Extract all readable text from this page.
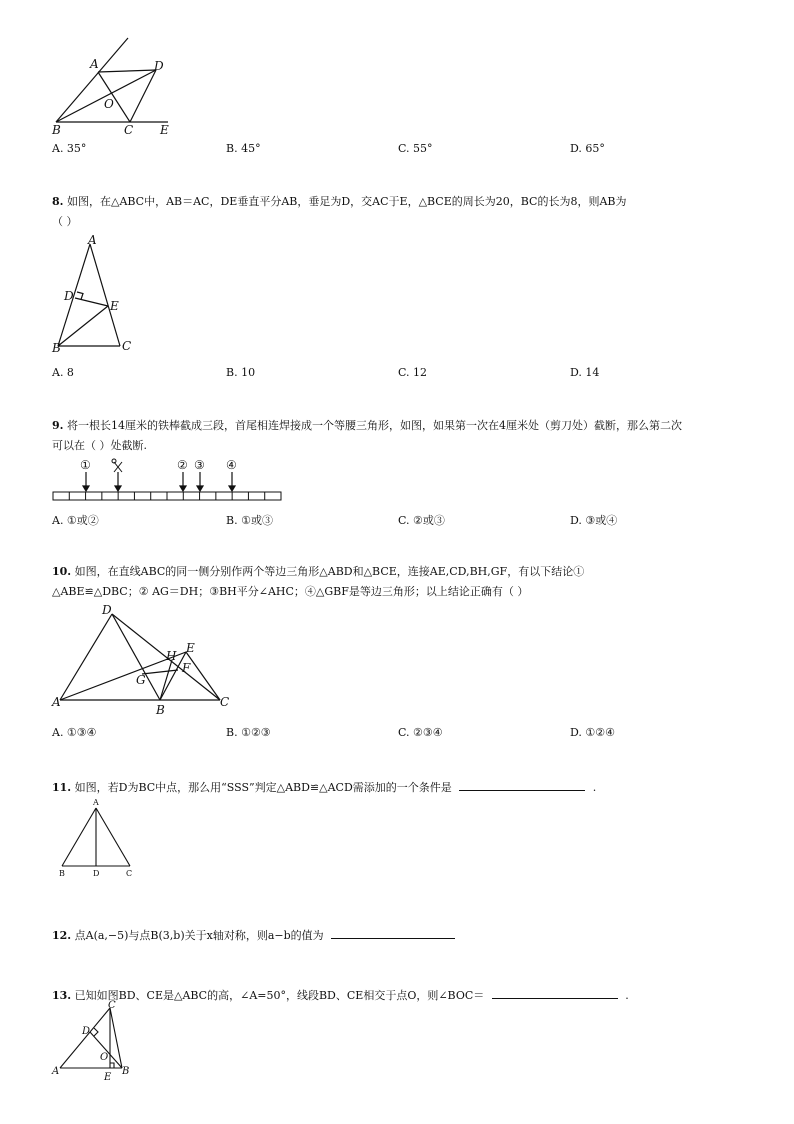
A	D
O
B	C E
A. 35°	B. 45°	C. 55°	D. 65°
8. 如图，在△ABC中，AB＝AC，DE垂直平分AB，垂足为D，交AC于E，△BCE的周长为20，BC的长为8，则AB为
（ ）
A
D
E
B	C
A. 8	B. 10	C. 12	D. 14
9. 将一根长14厘米的铁棒截成三段，首尾相连焊接成一个等腰三角形，如图，如果第一次在4厘米处（剪刀处）截断，那么第二次
可以在（ ）处截断.
①	② ③ ④
A. ①或②	B. ①或③	C. ②或③	D. ③或④
10. 如图，在直线ABC的同一侧分别作两个等边三角形△ABD和△BCE，连接AE,CD,BH,GF，有以下结论①
△ABE≌△DBC；② AG＝DH；③BH平分∠AHC；④△GBF是等边三角形；以上结论正确有（ ）
D
H
E
F
G
A
B
C
A. ①③④	B. ①②③	C. ②③④	D. ①②④
11. 如图，若D为BC中点，那么用“SSS”判定△ABD≌△ACD需添加的一个条件是	.
A
B	D	C
12. 点A(a,−5)与点B(3,b)关于x轴对称，则a−b的值为
13. 已知如图BD、CE是△ABC的高，∠A=50°，线段BD、CE相交于点O，则∠BOC＝	.
C
D
O
A
E
B
